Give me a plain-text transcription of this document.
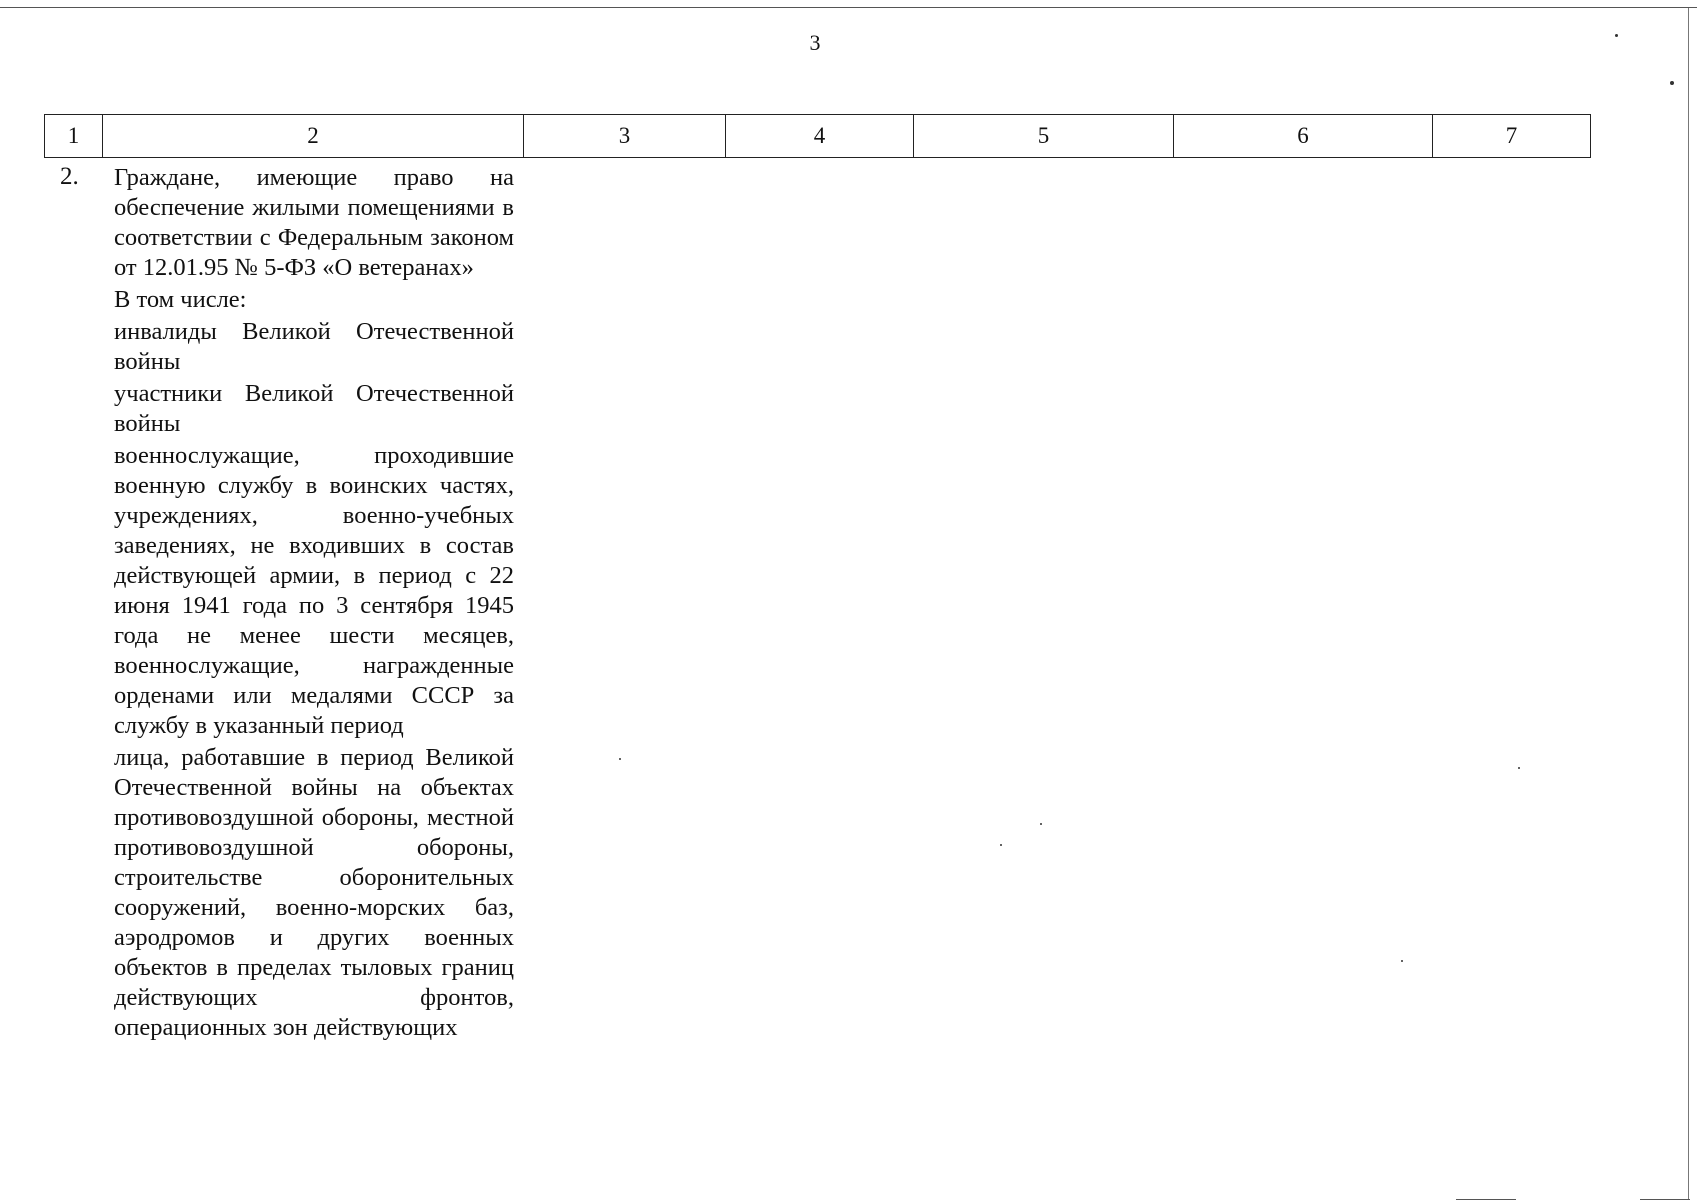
3
1	2	3	4	5	6	7
2. Граждане, имеющие право на обеспечение жилыми помещениями в соответствии с Федеральным законом от 12.01.95 № 5-ФЗ «О ветеранах»

В том числе:

инвалиды Великой Отечественной войны

участники Великой Отечественной войны

военнослужащие, проходившие военную службу в воинских частях, учреждениях, военно-учебных заведениях, не входивших в состав действующей армии, в период с 22 июня 1941 года по 3 сентября 1945 года не менее шести месяцев, военнослужащие, награжденные орденами или медалями СССР за службу в указанный период

лица, работавшие в период Великой Отечественной войны на объектах противовоздушной обороны, местной противовоздушной обороны, строительстве оборонительных сооружений, военно-морских баз, аэродромов и других военных объектов в пределах тыловых границ действующих фронтов, операционных зон действующих
